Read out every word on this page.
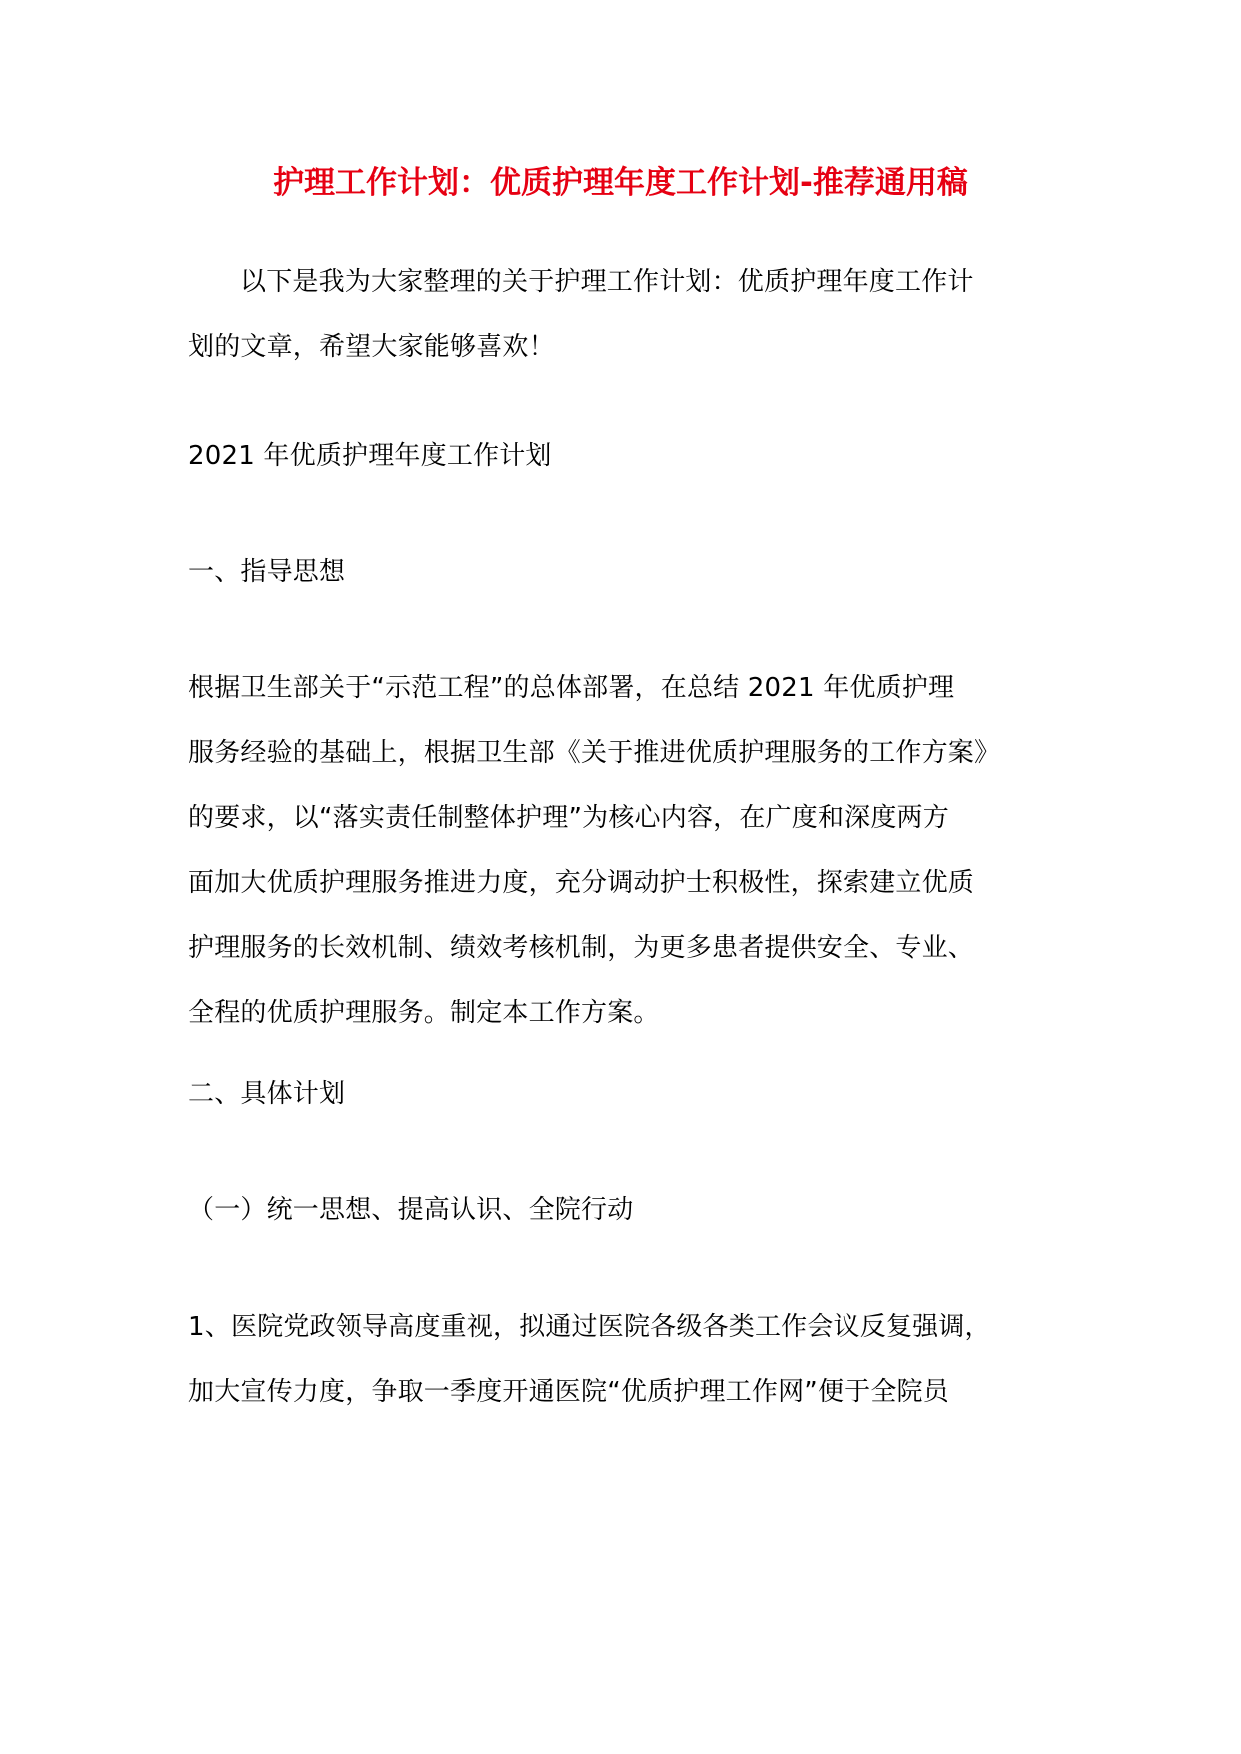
护理工作计划：优质护理年度工作计划-推荐通用稿
以下是我为大家整理的关于护理工作计划：优质护理年度工作计
划的文章，希望大家能够喜欢！
2021 年优质护理年度工作计划
一、指导思想
根据卫生部关于“示范工程”的总体部署，在总结 2021 年优质护理
服务经验的基础上，根据卫生部《关于推进优质护理服务的工作方案》
的要求，以“落实责任制整体护理”为核心内容，在广度和深度两方
面加大优质护理服务推进力度，充分调动护士积极性，探索建立优质
护理服务的长效机制、绩效考核机制，为更多患者提供安全、专业、
全程的优质护理服务。制定本工作方案。
二、具体计划
（一）统一思想、提高认识、全院行动
1、医院党政领导高度重视，拟通过医院各级各类工作会议反复强调，
加大宣传力度，争取一季度开通医院“优质护理工作网”便于全院员
